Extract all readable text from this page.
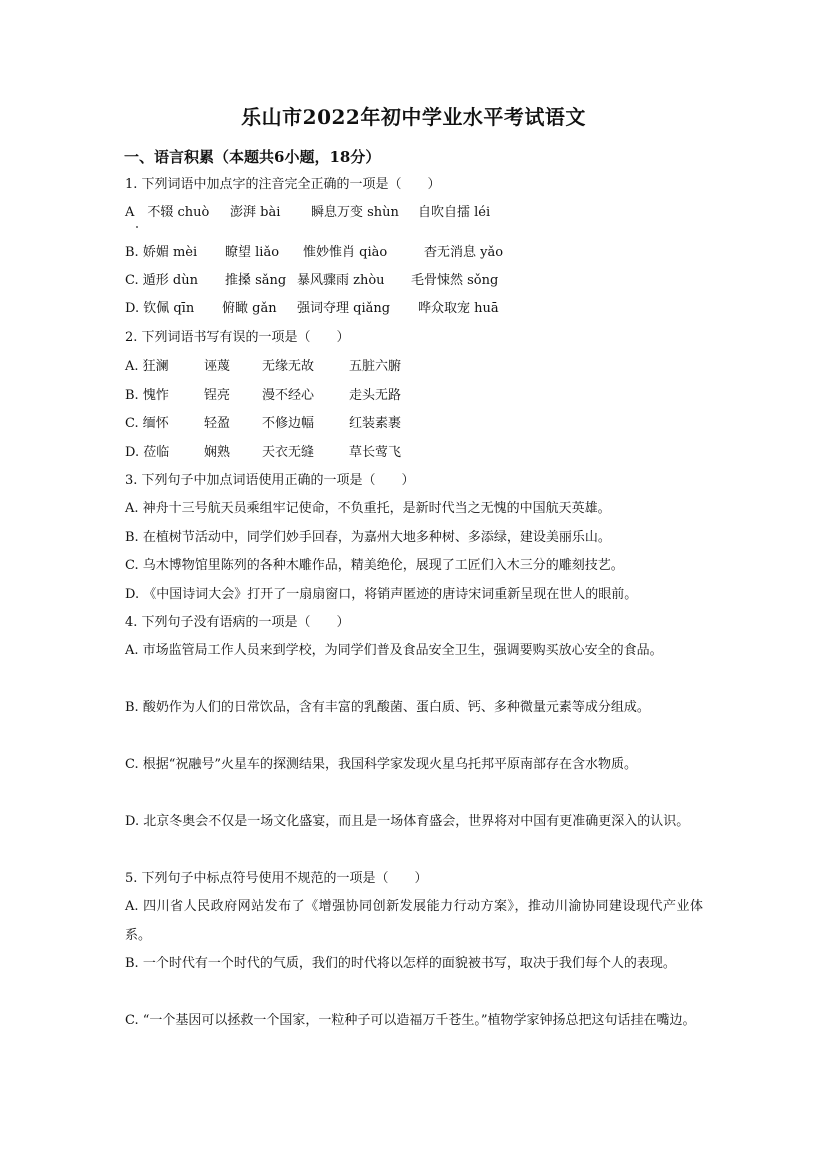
乐山市2022年初中学业水平考试语文
一、语言积累（本题共6小题，18分）
1. 下列词语中加点字的注音完全正确的一项是（　　）
A　不辍 chuò 澎湃 bài 瞬息万变 shùn 自吹自擂 léi
B. 娇媚 mèi 瞭望 liǎo 惟妙惟肖 qiào	杳无消息 yǎo
C. 遁形 dùn 推搡 sǎng 暴风骤雨 zhòu 毛骨悚然 sǒng
D. 钦佩 qīn 俯瞰 gǎn 强词夺理 qiǎng 哗众取宠 huā
2. 下列词语书写有误的一项是（　　）
A. 狂澜	诬蔑 无缘无故	五脏六腑
B. 愧怍	锃亮 漫不经心	走头无路
C. 缅怀	轻盈 不修边幅	红装素裹
D. 莅临	娴熟 天衣无缝	草长莺飞
3. 下列句子中加点词语使用正确的一项是（　　）
A. 神舟十三号航天员乘组牢记使命，不负重托，是新时代当之无愧的中国航天英雄。
B. 在植树节活动中，同学们妙手回春，为嘉州大地多种树、多添绿，建设美丽乐山。
C. 乌木博物馆里陈列的各种木雕作品，精美绝伦，展现了工匠们入木三分的雕刻技艺。
D. 《中国诗词大会》打开了一扇扇窗口，将销声匿迹的唐诗宋词重新呈现在世人的眼前。
4. 下列句子没有语病的一项是（　　）
A. 市场监管局工作人员来到学校，为同学们普及食品安全卫生，强调要购买放心安全的食品。
B. 酸奶作为人们的日常饮品，含有丰富的乳酸菌、蛋白质、钙、多种微量元素等成分组成。
C. 根据“祝融号”火星车的探测结果，我国科学家发现火星乌托邦平原南部存在含水物质。
D. 北京冬奥会不仅是一场文化盛宴，而且是一场体育盛会，世界将对中国有更准确更深入的认识。
5. 下列句子中标点符号使用不规范的一项是（　　）
A. 四川省人民政府网站发布了《增强协同创新发展能力行动方案》，推动川渝协同建设现代产业体系。
B. 一个时代有一个时代的气质，我们的时代将以怎样的面貌被书写，取决于我们每个人的表现。
C. “一个基因可以拯救一个国家，一粒种子可以造福万千苍生。”植物学家钟扬总把这句话挂在嘴边。
